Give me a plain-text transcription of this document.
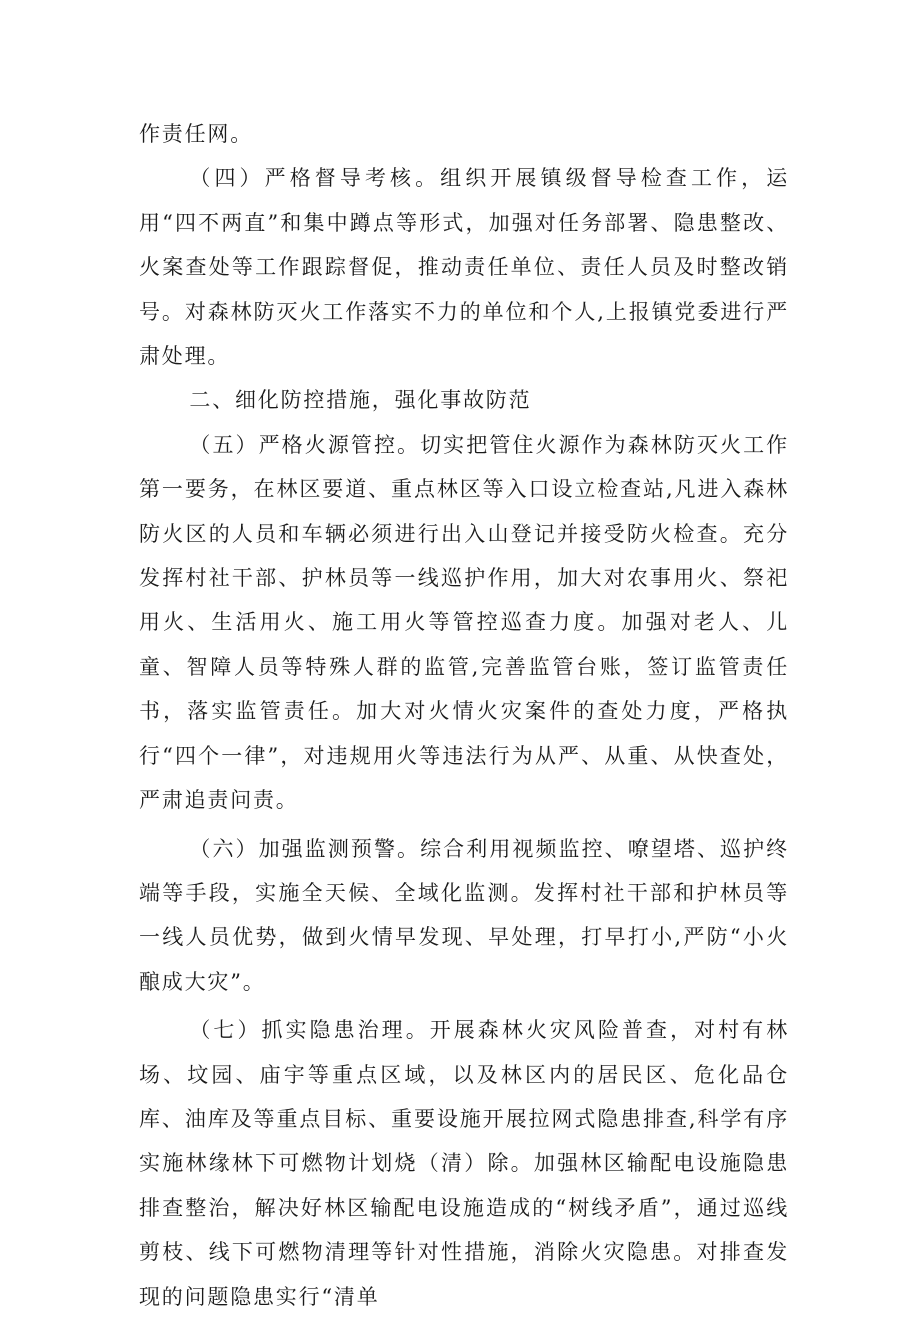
作责任网。

（四）严格督导考核。组织开展镇级督导检查工作，运用“四不两直”和集中蹲点等形式，加强对任务部署、隐患整改、火案查处等工作跟踪督促，推动责任单位、责任人员及时整改销号。对森林防灭火工作落实不力的单位和个人,上报镇党委进行严肃处理。

二、细化防控措施，强化事故防范

（五）严格火源管控。切实把管住火源作为森林防灭火工作第一要务，在林区要道、重点林区等入口设立检查站,凡进入森林防火区的人员和车辆必须进行出入山登记并接受防火检查。充分发挥村社干部、护林员等一线巡护作用，加大对农事用火、祭祀用火、生活用火、施工用火等管控巡查力度。加强对老人、儿童、智障人员等特殊人群的监管,完善监管台账，签订监管责任书，落实监管责任。加大对火情火灾案件的查处力度，严格执行“四个一律”，对违规用火等违法行为从严、从重、从快查处，严肃追责问责。

（六）加强监测预警。综合利用视频监控、嘹望塔、巡护终端等手段，实施全天候、全域化监测。发挥村社干部和护林员等一线人员优势，做到火情早发现、早处理，打早打小,严防“小火酿成大灾”。

（七）抓实隐患治理。开展森林火灾风险普查，对村有林场、坟园、庙宇等重点区域，以及林区内的居民区、危化品仓库、油库及等重点目标、重要设施开展拉网式隐患排查,科学有序实施林缘林下可燃物计划烧（清）除。加强林区输配电设施隐患排查整治，解决好林区输配电设施造成的“树线矛盾”，通过巡线剪枝、线下可燃物清理等针对性措施，消除火灾隐患。对排查发现的问题隐患实行“清单
